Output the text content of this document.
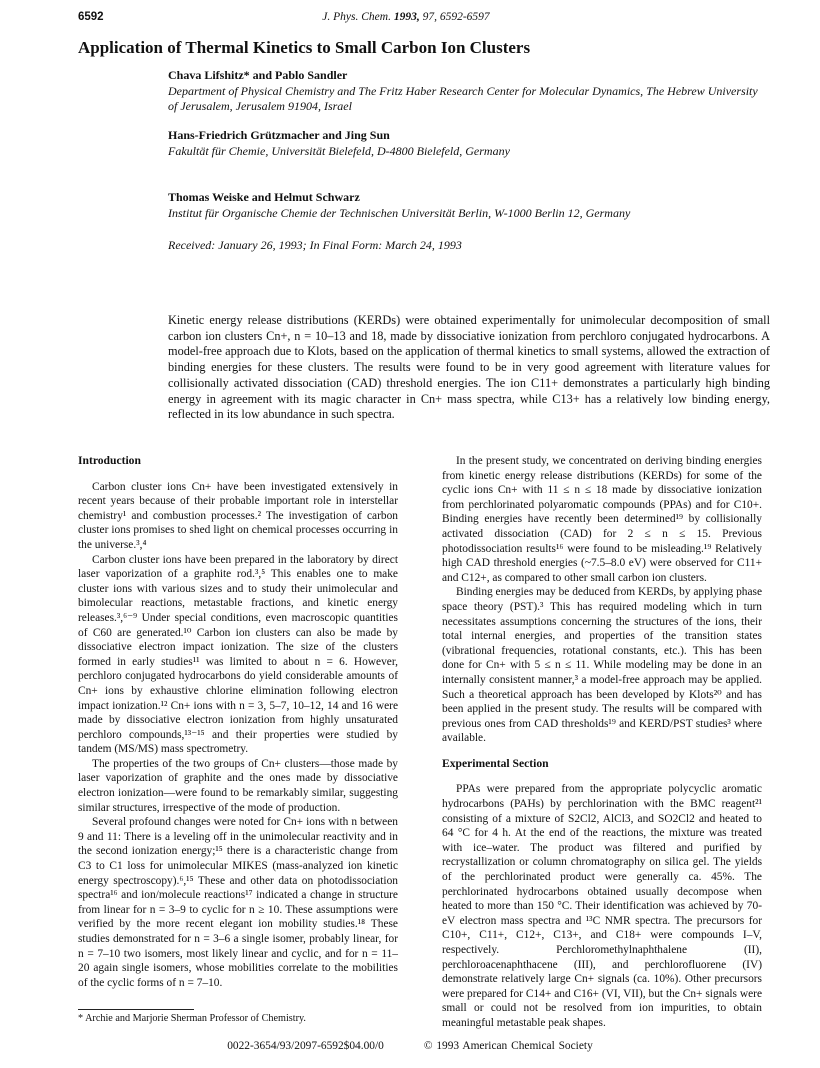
6592	J. Phys. Chem. 1993, 97, 6592-6597
Application of Thermal Kinetics to Small Carbon Ion Clusters
Chava Lifshitz* and Pablo Sandler
Department of Physical Chemistry and The Fritz Haber Research Center for Molecular Dynamics, The Hebrew University of Jerusalem, Jerusalem 91904, Israel
Hans-Friedrich Grützmacher and Jing Sun
Fakultät für Chemie, Universität Bielefeld, D-4800 Bielefeld, Germany
Thomas Weiske and Helmut Schwarz
Institut für Organische Chemie der Technischen Universität Berlin, W-1000 Berlin 12, Germany
Received: January 26, 1993; In Final Form: March 24, 1993

Kinetic energy release distributions (KERDs) were obtained experimentally for unimolecular decomposition of small carbon ion clusters Cn+, n = 10–13 and 18, made by dissociative ionization from perchloro conjugated hydrocarbons. A model-free approach due to Klots, based on the application of thermal kinetics to small systems, allowed the extraction of binding energies for these clusters. The results were found to be in very good agreement with literature values for collisionally activated dissociation (CAD) threshold energies. The ion C11+ demonstrates a particularly high binding energy in agreement with its magic character in Cn+ mass spectra, while C13+ has a relatively low binding energy, reflected in its low abundance in such spectra.

Introduction

Carbon cluster ions Cn+ have been investigated extensively in recent years because of their probable important role in interstellar chemistry¹ and combustion processes.² The investigation of carbon cluster ions promises to shed light on chemical processes occurring in the universe.³,⁴

Carbon cluster ions have been prepared in the laboratory by direct laser vaporization of a graphite rod.³,⁵ This enables one to make cluster ions with various sizes and to study their unimolecular and bimolecular reactions, metastable fractions, and kinetic energy releases.³,⁶⁻⁹ Under special conditions, even macroscopic quantities of C60 are generated.¹⁰ Carbon ion clusters can also be made by dissociative electron impact ionization. The size of the clusters formed in early studies¹¹ was limited to about n = 6. However, perchloro conjugated hydrocarbons do yield considerable amounts of Cn+ ions by exhaustive chlorine elimination following electron impact ionization.¹² Cn+ ions with n = 3, 5–7, 10–12, 14 and 16 were made by dissociative electron ionization from highly unsaturated perchloro compounds,¹³⁻¹⁵ and their properties were studied by tandem (MS/MS) mass spectrometry.

The properties of the two groups of Cn+ clusters—those made by laser vaporization of graphite and the ones made by dissociative electron ionization—were found to be remarkably similar, suggesting similar structures, irrespective of the mode of production.

Several profound changes were noted for Cn+ ions with n between 9 and 11: There is a leveling off in the unimolecular reactivity and in the second ionization energy;¹⁵ there is a characteristic change from C3 to C1 loss for unimolecular MIKES (mass-analyzed ion kinetic energy spectroscopy).⁶,¹⁵ These and other data on photodissociation spectra¹⁶ and ion/molecule reactions¹⁷ indicated a change in structure from linear for n = 3–9 to cyclic for n ≥ 10. These assumptions were verified by the more recent elegant ion mobility studies.¹⁸ These studies demonstrated for n = 3–6 a single isomer, probably linear, for n = 7–10 two isomers, most likely linear and cyclic, and for n = 11–20 again single isomers, whose mobilities correlate to the mobilities of the cyclic forms of n = 7–10.

In the present study, we concentrated on deriving binding energies from kinetic energy release distributions (KERDs) for some of the cyclic ions Cn+ with 11 ≤ n ≤ 18 made by dissociative ionization from perchlorinated polyaromatic compounds (PPAs) and for C10+. Binding energies have recently been determined¹⁹ by collisionally activated dissociation (CAD) for 2 ≤ n ≤ 15. Previous photodissociation results¹⁶ were found to be misleading.¹⁹ Relatively high CAD threshold energies (~7.5–8.0 eV) were observed for C11+ and C12+, as compared to other small carbon ion clusters.

Binding energies may be deduced from KERDs, by applying phase space theory (PST).³ This has required modeling which in turn necessitates assumptions concerning the structures of the ions, their total internal energies, and properties of the transition states (vibrational frequencies, rotational constants, etc.). This has been done for Cn+ with 5 ≤ n ≤ 11. While modeling may be done in an internally consistent manner,³ a model-free approach may be applied. Such a theoretical approach has been developed by Klots²⁰ and has been applied in the present study. The results will be compared with previous ones from CAD thresholds¹⁹ and KERD/PST studies³ where available.

Experimental Section

PPAs were prepared from the appropriate polycyclic aromatic hydrocarbons (PAHs) by perchlorination with the BMC reagent²¹ consisting of a mixture of S2Cl2, AlCl3, and SO2Cl2 and heated to 64 °C for 4 h. At the end of the reactions, the mixture was treated with ice–water. The product was filtered and purified by recrystallization or column chromatography on silica gel. The yields of the perchlorinated product were generally ca. 45%. The perchlorinated hydrocarbons obtained usually decompose when heated to more than 150 °C. Their identification was achieved by 70-eV electron mass spectra and ¹³C NMR spectra. The precursors for C10+, C11+, C12+, C13+, and C18+ were compounds I–V, respectively. Perchloromethylnaphthalene (II), perchloroacenaphthacene (III), and perchlorofluorene (IV) demonstrate relatively large Cn+ signals (ca. 10%). Other precursors were prepared for C14+ and C16+ (VI, VII), but the Cn+ signals were small or could not be resolved from ion impurities, to obtain meaningful metastable peak shapes.

* Archie and Marjorie Sherman Professor of Chemistry.
0022-3654/93/2097-6592$04.00/0	© 1993 American Chemical Society
